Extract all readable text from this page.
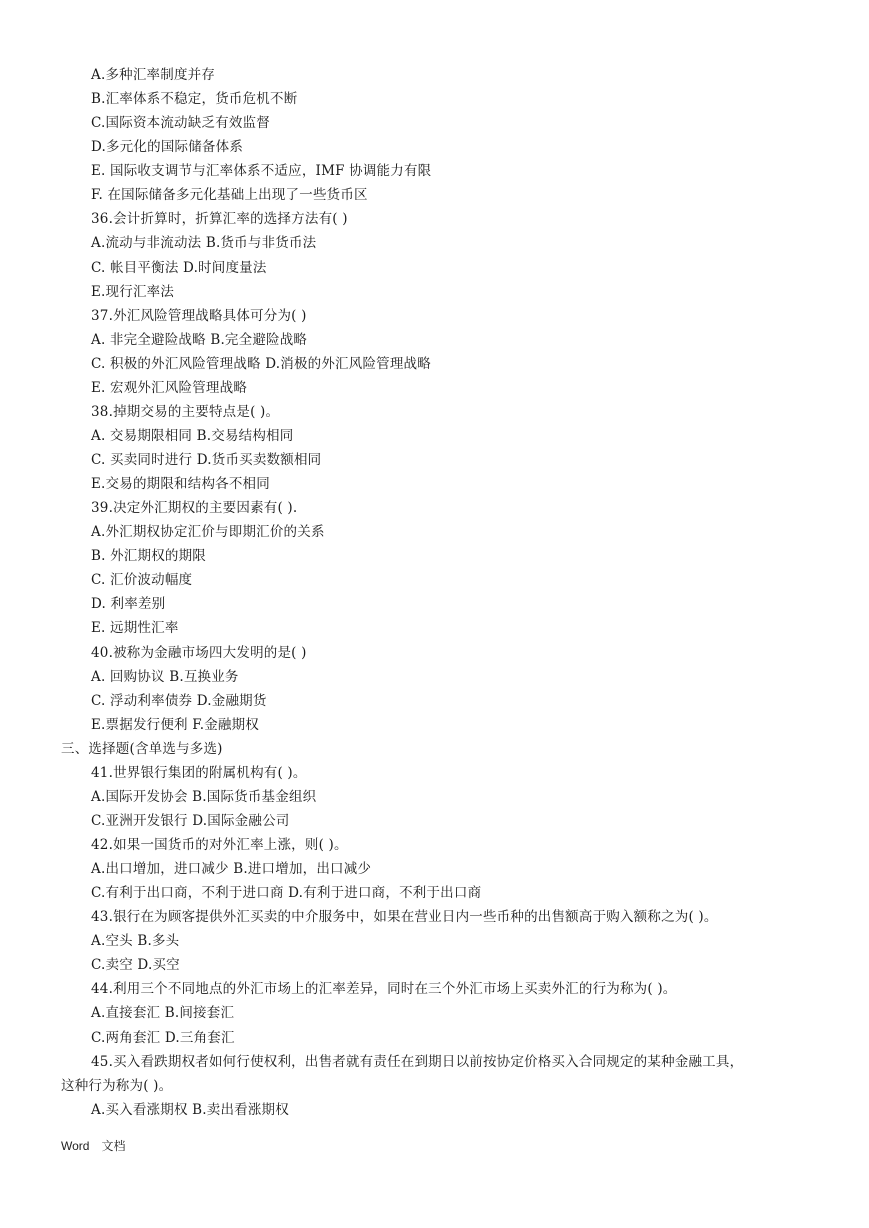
A.多种汇率制度并存
B.汇率体系不稳定，货币危机不断
C.国际资本流动缺乏有效监督
D.多元化的国际储备体系
E. 国际收支调节与汇率体系不适应，IMF 协调能力有限
F. 在国际储备多元化基础上出现了一些货币区
36.会计折算时，折算汇率的选择方法有( )
A.流动与非流动法 B.货币与非货币法
C. 帐目平衡法 D.时间度量法
E.现行汇率法
37.外汇风险管理战略具体可分为( )
A. 非完全避险战略 B.完全避险战略
C. 积极的外汇风险管理战略 D.消极的外汇风险管理战略
E. 宏观外汇风险管理战略
38.掉期交易的主要特点是( )。
A. 交易期限相同 B.交易结构相同
C. 买卖同时进行 D.货币买卖数额相同
E.交易的期限和结构各不相同
39.决定外汇期权的主要因素有( ).
A.外汇期权协定汇价与即期汇价的关系
B. 外汇期权的期限
C. 汇价波动幅度
D. 利率差别
E. 远期性汇率
40.被称为金融市场四大发明的是( )
A. 回购协议 B.互换业务
C. 浮动利率债券 D.金融期货
E.票据发行便利 F.金融期权
三、选择题(含单选与多选)
41.世界银行集团的附属机构有( )。
A.国际开发协会 B.国际货币基金组织
C.亚洲开发银行 D.国际金融公司
42.如果一国货币的对外汇率上涨，则( )。
A.出口增加，进口减少 B.进口增加，出口减少
C.有利于出口商，不利于进口商 D.有利于进口商，不利于出口商
43.银行在为顾客提供外汇买卖的中介服务中，如果在营业日内一些币种的出售额高于购入额称之为( )。
A.空头 B.多头
C.卖空 D.买空
44.利用三个不同地点的外汇市场上的汇率差异，同时在三个外汇市场上买卖外汇的行为称为( )。
A.直接套汇 B.间接套汇
C.两角套汇 D.三角套汇
45.买入看跌期权者如何行使权利，出售者就有责任在到期日以前按协定价格买入合同规定的某种金融工具，
这种行为称为( )。
A.买入看涨期权 B.卖出看涨期权
Word　文档
